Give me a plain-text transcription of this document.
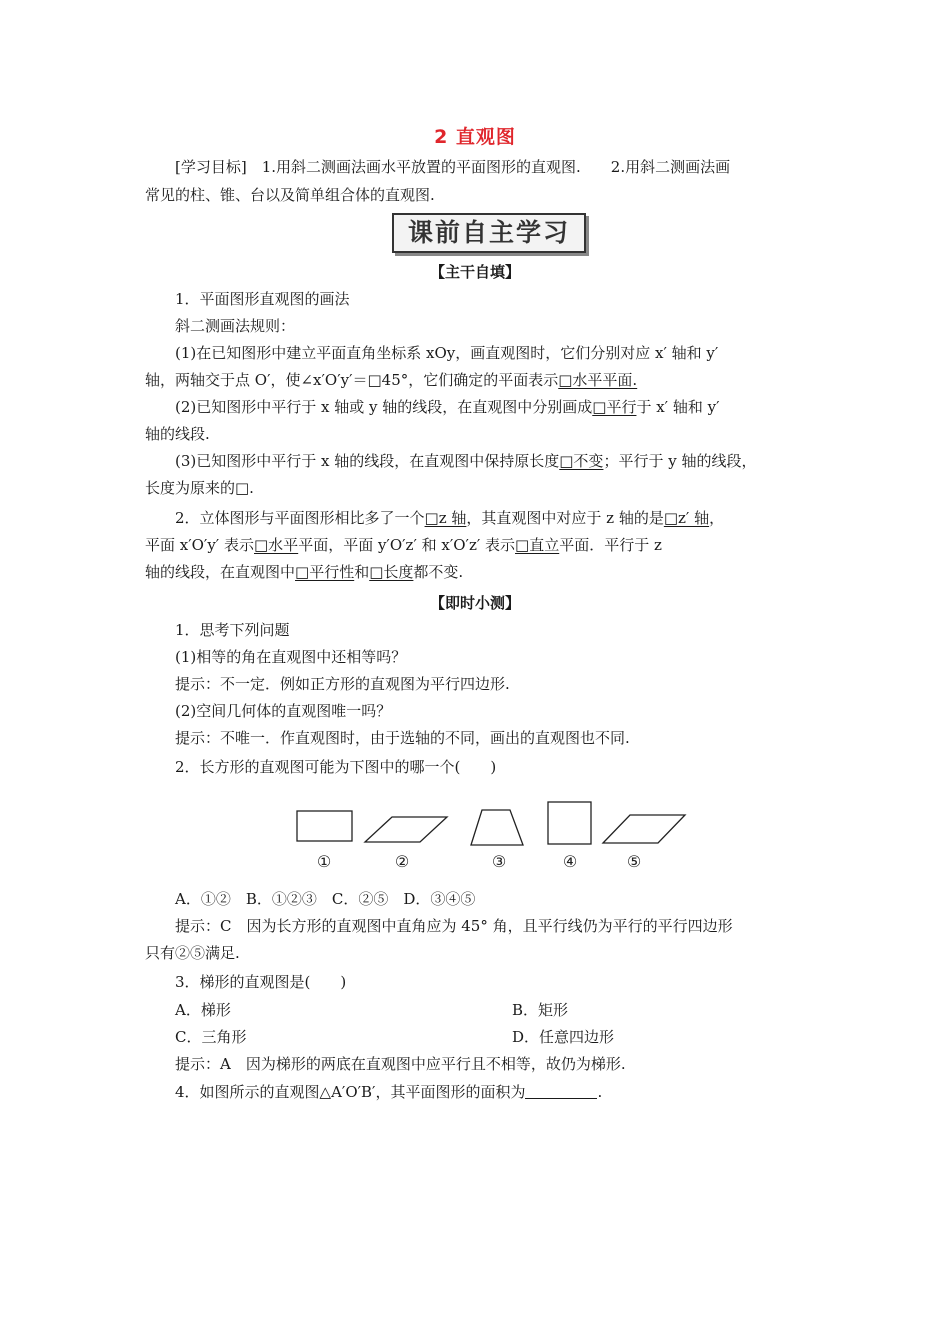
2 直观图
[学习目标]　1.用斜二测画法画水平放置的平面图形的直观图.　　2.用斜二测画法画
常见的柱、锥、台以及简单组合体的直观图.
课前自主学习
【主干自填】
1．平面图形直观图的画法
斜二测画法规则：
(1)在已知图形中建立平面直角坐标系 xOy，画直观图时，它们分别对应 x′ 轴和 y′
轴，两轴交于点 O′，使∠x′O′y′＝□45°，它们确定的平面表示□水平平面.
(2)已知图形中平行于 x 轴或 y 轴的线段，在直观图中分别画成□平行于 x′ 轴和 y′
轴的线段.
(3)已知图形中平行于 x 轴的线段，在直观图中保持原长度□不变；平行于 y 轴的线段，
长度为原来的□.
2．立体图形与平面图形相比多了一个□z 轴，其直观图中对应于 z 轴的是□z′ 轴，
平面 x′O′y′ 表示□水平平面，平面 y′O′z′ 和 x′O′z′ 表示□直立平面．平行于 z
轴的线段，在直观图中□平行性和□长度都不变.
【即时小测】
1．思考下列问题
(1)相等的角在直观图中还相等吗？
提示：不一定．例如正方形的直观图为平行四边形.
(2)空间几何体的直观图唯一吗？
提示：不唯一．作直观图时，由于选轴的不同，画出的直观图也不同.
2．长方形的直观图可能为下图中的哪一个(　　)
①	②	③	④	⑤
A．①②　B．①②③　C．②⑤　D．③④⑤
提示：C　因为长方形的直观图中直角应为 45° 角，且平行线仍为平行的平行四边形
只有②⑤满足.
3．梯形的直观图是(　　)
A．梯形	B．矩形
C．三角形	D．任意四边形
提示：A　因为梯形的两底在直观图中应平行且不相等，故仍为梯形.
4．如图所示的直观图△A′O′B′，其平面图形的面积为	.
